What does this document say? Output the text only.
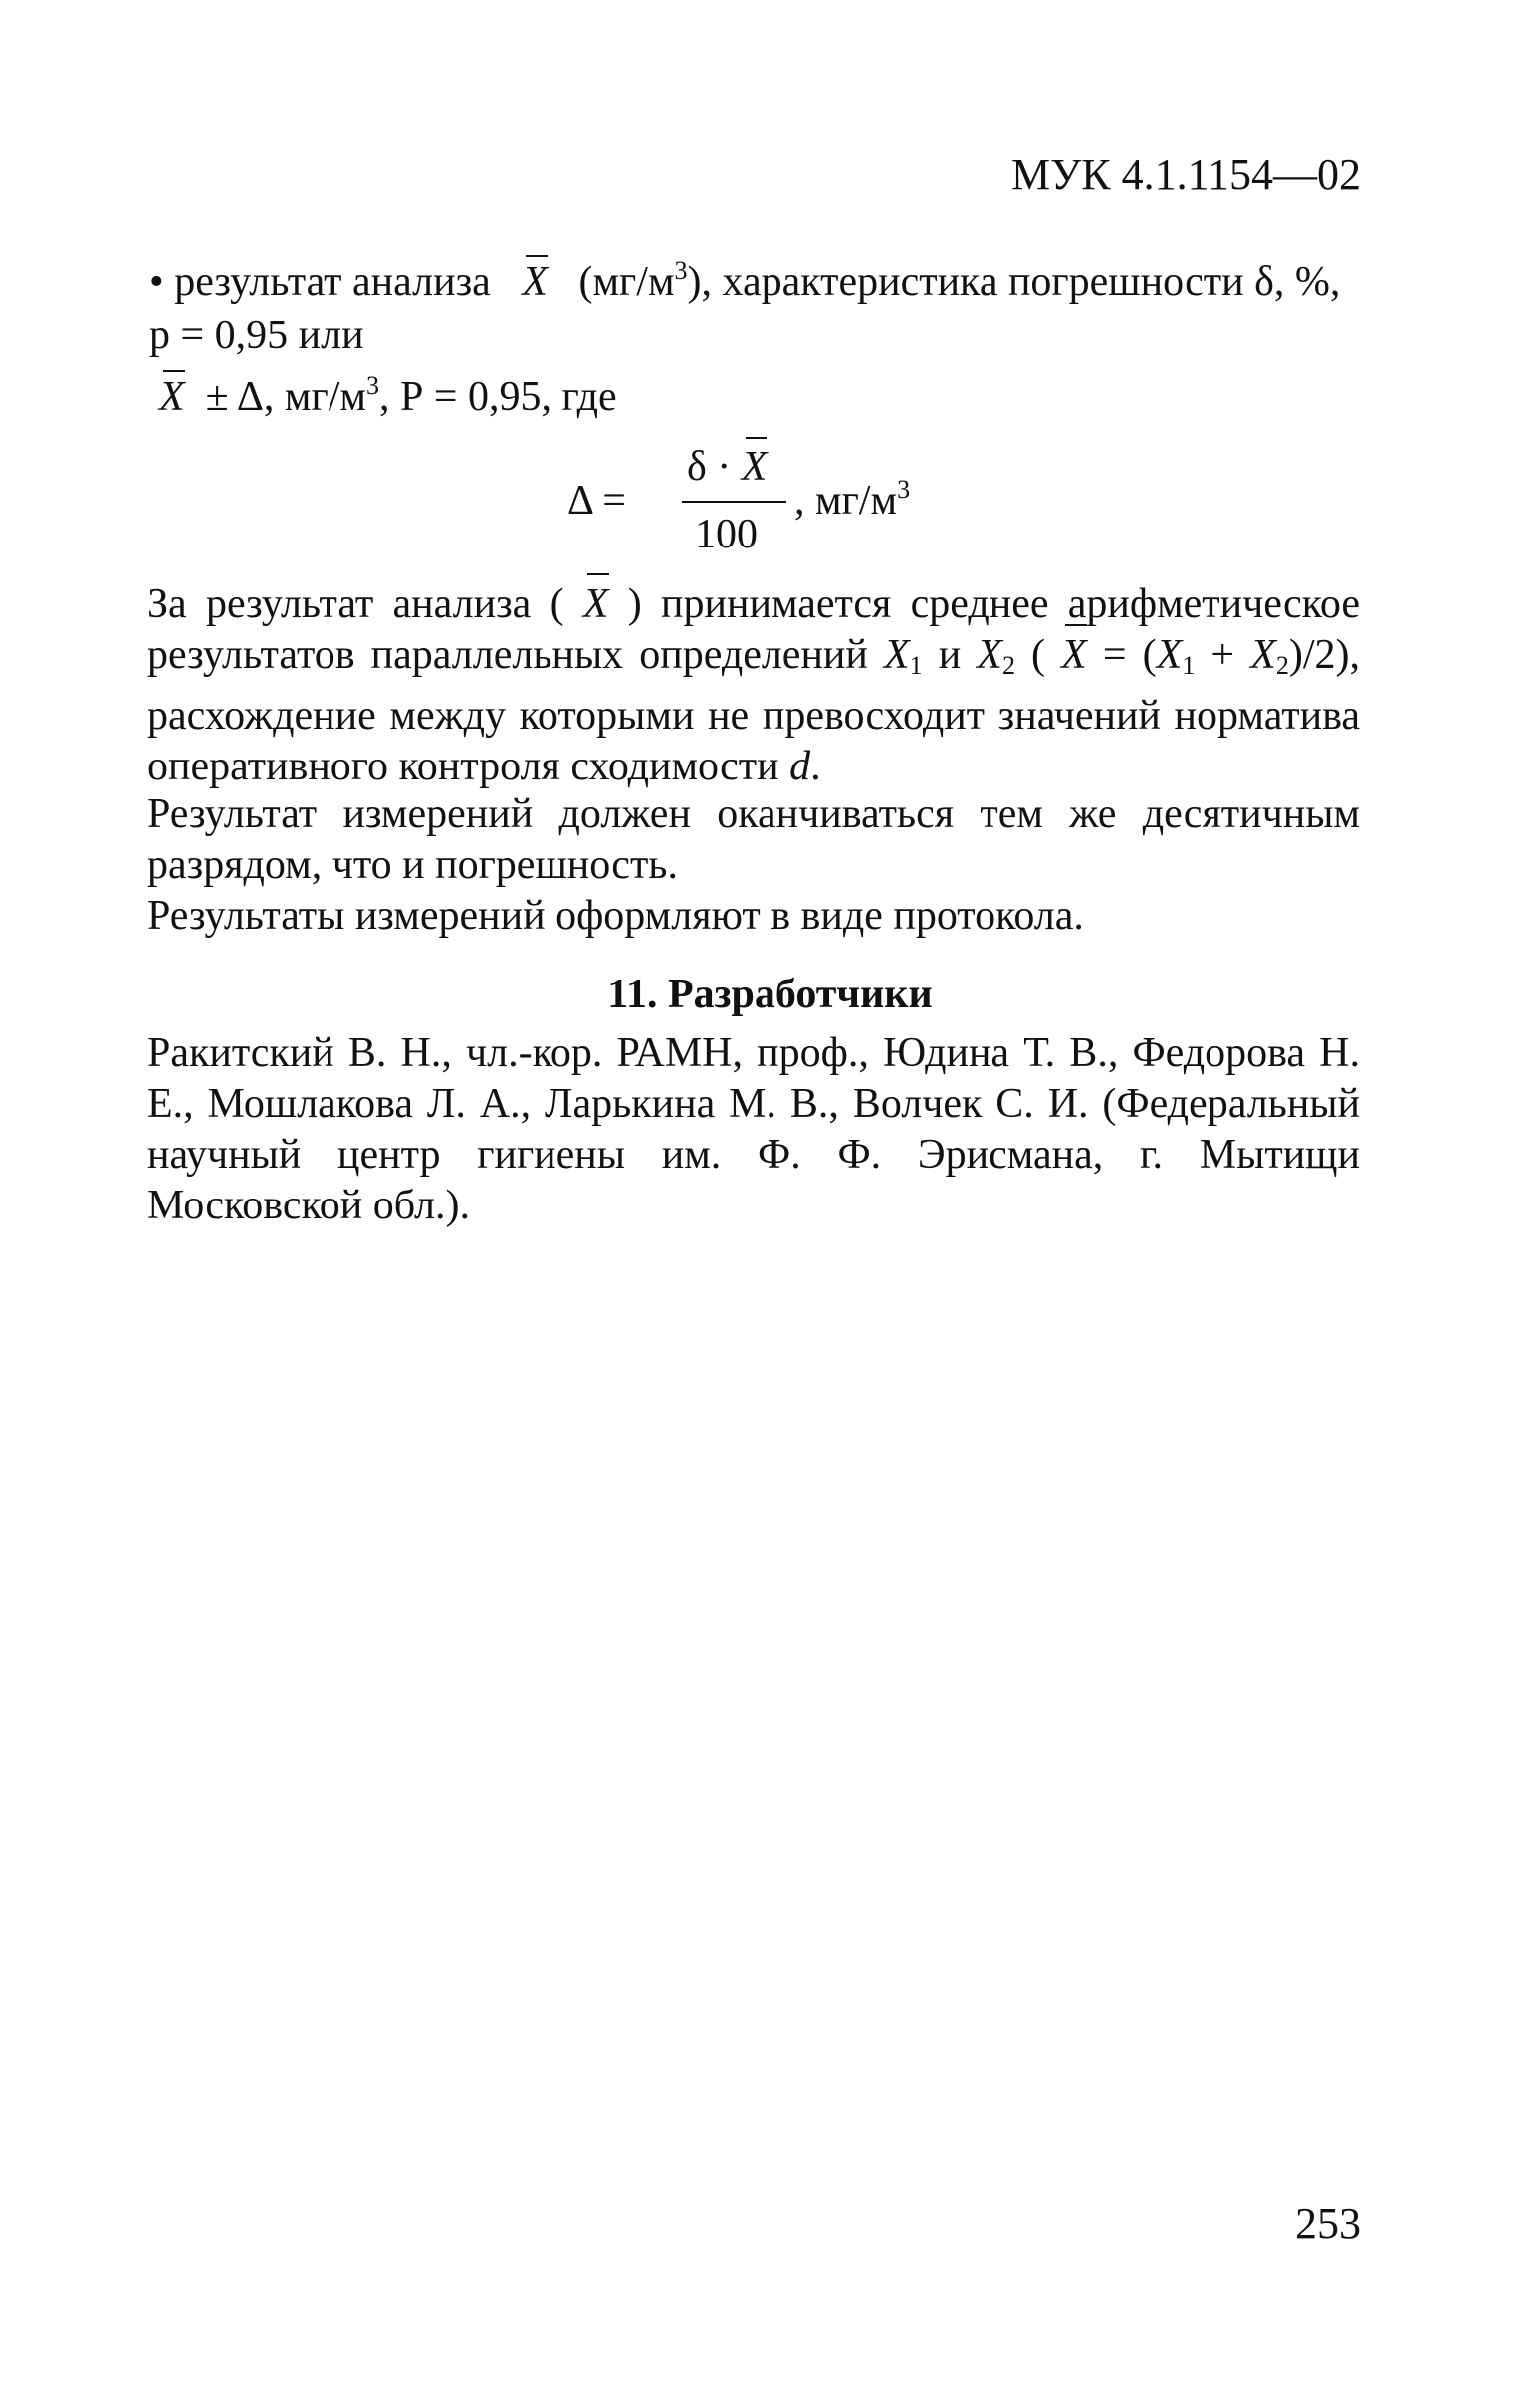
МУК 4.1.1154—02
• результат анализа X $(мг/м^3)$, характеристика погрешности δ, %,
р = 0,95 или
X ± Δ, $мг/м^3$, Р = 0,95, где
Δ =
δ · X
100
, $мг/м^3$
За результат анализа ( X ) принимается среднее арифметическое результатов параллельных определений $X_1$ и $X_2$ ( $X = (X_1 + X_2)/2$), расхождение между которыми не превосходит значений норматива оперативного контроля сходимости d.
Результат измерений должен оканчиваться тем же десятичным разрядом, что и погрешность.
Результаты измерений оформляют в виде протокола.
11. Разработчики
Ракитский В. Н., чл.-кор. РАМН, проф., Юдина Т. В., Федорова Н. Е., Мошлакова Л. А., Ларькина М. В., Волчек С. И. (Федеральный научный центр гигиены им. Ф. Ф. Эрисмана, г. Мытищи Московской обл.).
253
